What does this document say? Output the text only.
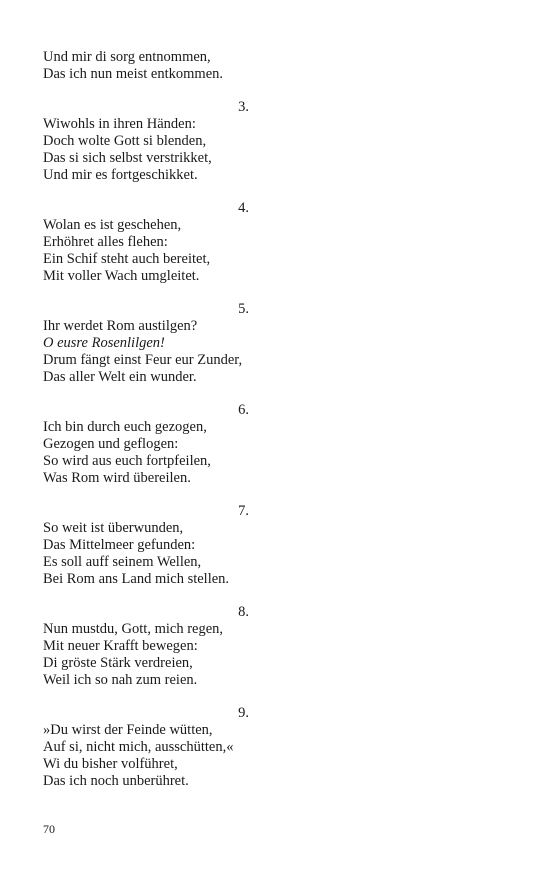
Und mir di sorg entnommen,
Das ich nun meist entkommen.
3.
Wiwohls in ihren Händen:
Doch wolte Gott si blenden,
Das si sich selbst verstrikket,
Und mir es fortgeschikket.
4.
Wolan es ist geschehen,
Erhöhret alles flehen:
Ein Schif steht auch bereitet,
Mit voller Wach umgleitet.
5.
Ihr werdet Rom austilgen?
O eusre Rosenlilgen!
Drum fängt einst Feur eur Zunder,
Das aller Welt ein wunder.
6.
Ich bin durch euch gezogen,
Gezogen und geflogen:
So wird aus euch fortpfeilen,
Was Rom wird übereilen.
7.
So weit ist überwunden,
Das Mittelmeer gefunden:
Es soll auff seinem Wellen,
Bei Rom ans Land mich stellen.
8.
Nun mustdu, Gott, mich regen,
Mit neuer Krafft bewegen:
Di gröste Stärk verdreien,
Weil ich so nah zum reien.
9.
»Du wirst der Feinde wütten,
Auf si, nicht mich, ausschütten,«
Wi du bisher volführet,
Das ich noch unberühret.
70
